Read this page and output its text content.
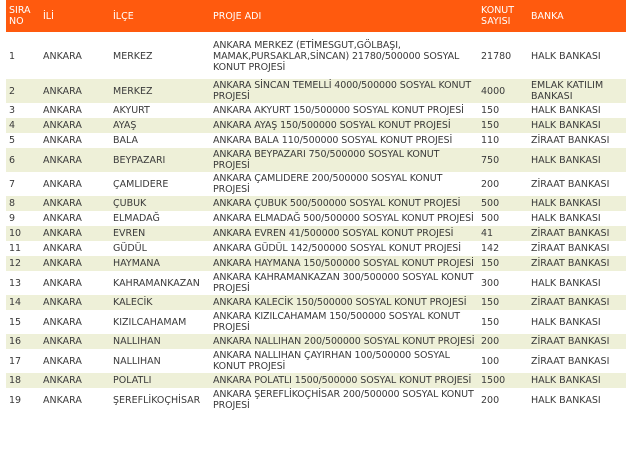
SIRA NO	İLİ	İLÇE	PROJE ADI	KONUT SAYISI	BANKA
1	ANKARA	MERKEZ	ANKARA MERKEZ (ETİMESGUT,GÖLBAŞI, MAMAK,PURSAKLAR,SİNCAN) 21780/500000 SOSYAL KONUT PROJESİ	21780	HALK BANKASI
2	ANKARA	MERKEZ	ANKARA SİNCAN TEMELLİ 4000/500000 SOSYAL KONUT PROJESİ	4000	EMLAK KATILIM BANKASI
3	ANKARA	AKYURT	ANKARA AKYURT 150/500000 SOSYAL KONUT PROJESİ	150	HALK BANKASI
4	ANKARA	AYAŞ	ANKARA AYAŞ 150/500000 SOSYAL KONUT PROJESİ	150	HALK BANKASI
5	ANKARA	BALA	ANKARA BALA 110/500000 SOSYAL KONUT PROJESİ	110	ZİRAAT BANKASI
6	ANKARA	BEYPAZARI	ANKARA BEYPAZARI 750/500000 SOSYAL KONUT PROJESİ	750	HALK BANKASI
7	ANKARA	ÇAMLIDERE	ANKARA ÇAMLIDERE 200/500000 SOSYAL KONUT PROJESİ	200	ZİRAAT BANKASI
8	ANKARA	ÇUBUK	ANKARA ÇUBUK 500/500000 SOSYAL KONUT PROJESİ	500	HALK BANKASI
9	ANKARA	ELMADAĞ	ANKARA ELMADAĞ 500/500000 SOSYAL KONUT PROJESİ	500	HALK BANKASI
10	ANKARA	EVREN	ANKARA EVREN 41/500000 SOSYAL KONUT PROJESİ	41	ZİRAAT BANKASI
11	ANKARA	GÜDÜL	ANKARA GÜDÜL 142/500000 SOSYAL KONUT PROJESİ	142	ZİRAAT BANKASI
12	ANKARA	HAYMANA	ANKARA HAYMANA 150/500000 SOSYAL KONUT PROJESİ	150	ZİRAAT BANKASI
13	ANKARA	KAHRAMANKAZAN	ANKARA KAHRAMANKAZAN 300/500000 SOSYAL KONUT PROJESİ	300	HALK BANKASI
14	ANKARA	KALECİK	ANKARA KALECİK 150/500000 SOSYAL KONUT PROJESİ	150	ZİRAAT BANKASI
15	ANKARA	KIZILCAHAMAM	ANKARA KIZILCAHAMAM 150/500000 SOSYAL KONUT PROJESİ	150	HALK BANKASI
16	ANKARA	NALLIHAN	ANKARA NALLIHAN 200/500000 SOSYAL KONUT PROJESİ	200	ZİRAAT BANKASI
17	ANKARA	NALLIHAN	ANKARA NALLIHAN ÇAYIRHAN 100/500000 SOSYAL KONUT PROJESİ	100	ZİRAAT BANKASI
18	ANKARA	POLATLI	ANKARA POLATLI 1500/500000 SOSYAL KONUT PROJESİ	1500	HALK BANKASI
19	ANKARA	ŞEREFLİKOÇHİSAR	ANKARA ŞEREFLİKOÇHİSAR 200/500000 SOSYAL KONUT PROJESİ	200	HALK BANKASI
